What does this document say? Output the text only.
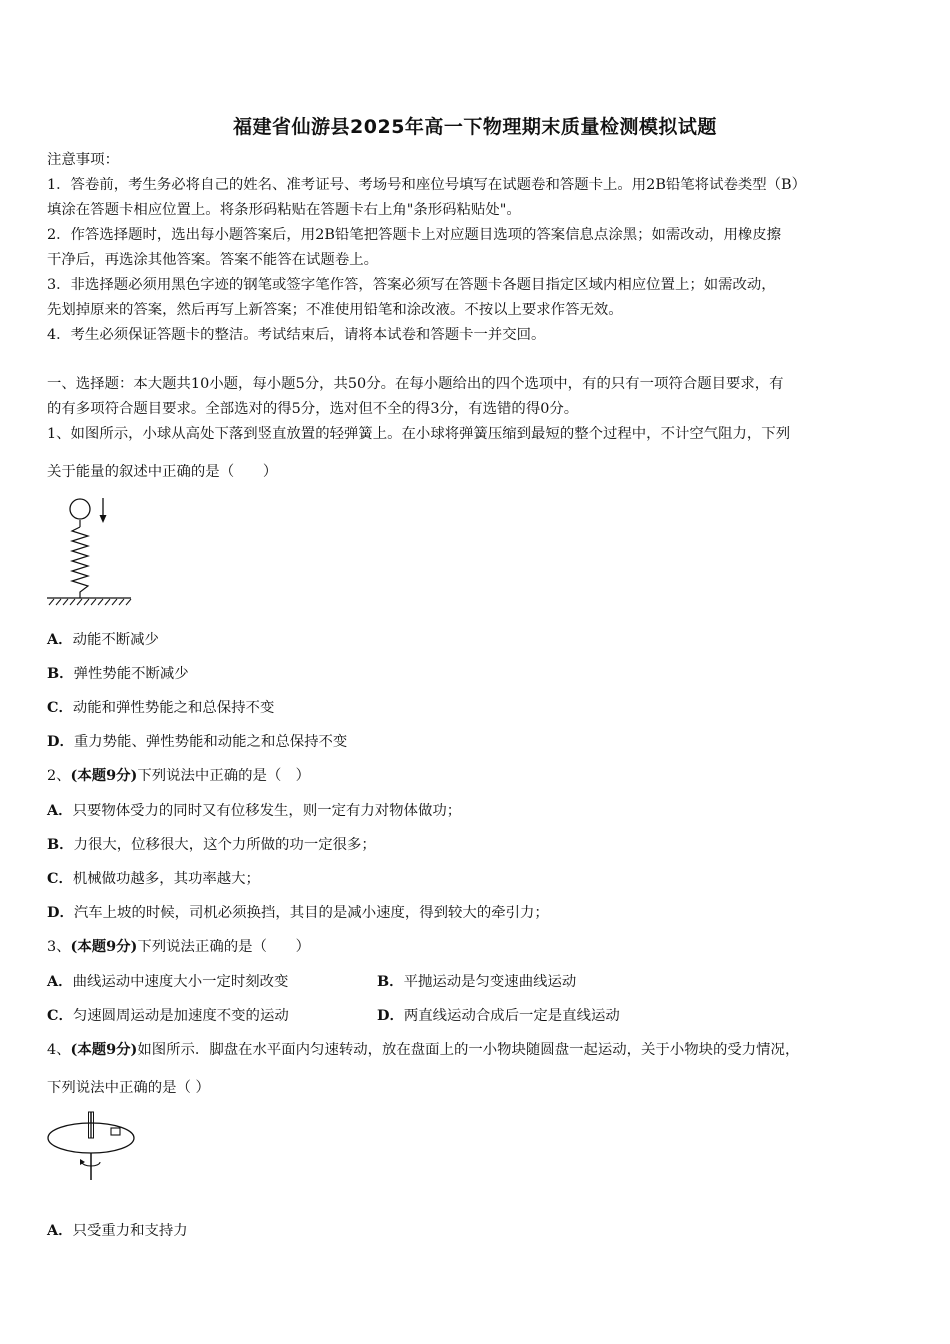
福建省仙游县2025年高一下物理期末质量检测模拟试题
注意事项：
1．答卷前，考生务必将自己的姓名、准考证号、考场号和座位号填写在试题卷和答题卡上。用2B铅笔将试卷类型（B）
填涂在答题卡相应位置上。将条形码粘贴在答题卡右上角"条形码粘贴处"。
2．作答选择题时，选出每小题答案后，用2B铅笔把答题卡上对应题目选项的答案信息点涂黑；如需改动，用橡皮擦
干净后，再选涂其他答案。答案不能答在试题卷上。
3．非选择题必须用黑色字迹的钢笔或签字笔作答，答案必须写在答题卡各题目指定区域内相应位置上；如需改动，
先划掉原来的答案，然后再写上新答案；不准使用铅笔和涂改液。不按以上要求作答无效。
4．考生必须保证答题卡的整洁。考试结束后，请将本试卷和答题卡一并交回。
一、选择题：本大题共10小题，每小题5分，共50分。在每小题给出的四个选项中，有的只有一项符合题目要求，有
的有多项符合题目要求。全部选对的得5分，选对但不全的得3分，有选错的得0分。
1、如图所示，小球从高处下落到竖直放置的轻弹簧上。在小球将弹簧压缩到最短的整个过程中，不计空气阻力，下列
关于能量的叙述中正确的是（　　）
A．动能不断减少
B．弹性势能不断减少
C．动能和弹性势能之和总保持不变
D．重力势能、弹性势能和动能之和总保持不变
2、(本题9分)下列说法中正确的是（　）
A．只要物体受力的同时又有位移发生，则一定有力对物体做功；
B．力很大，位移很大，这个力所做的功一定很多；
C．机械做功越多，其功率越大；
D．汽车上坡的时候，司机必须换挡，其目的是减小速度，得到较大的牵引力；
3、(本题9分)下列说法正确的是（　　）
A．曲线运动中速度大小一定时刻改变	B．平抛运动是匀变速曲线运动
C．匀速圆周运动是加速度不变的运动	D．两直线运动合成后一定是直线运动
4、(本题9分)如图所示．脚盘在水平面内匀速转动，放在盘面上的一小物块随圆盘一起运动，关于小物块的受力情况，
下列说法中正确的是（ ）
A．只受重力和支持力
